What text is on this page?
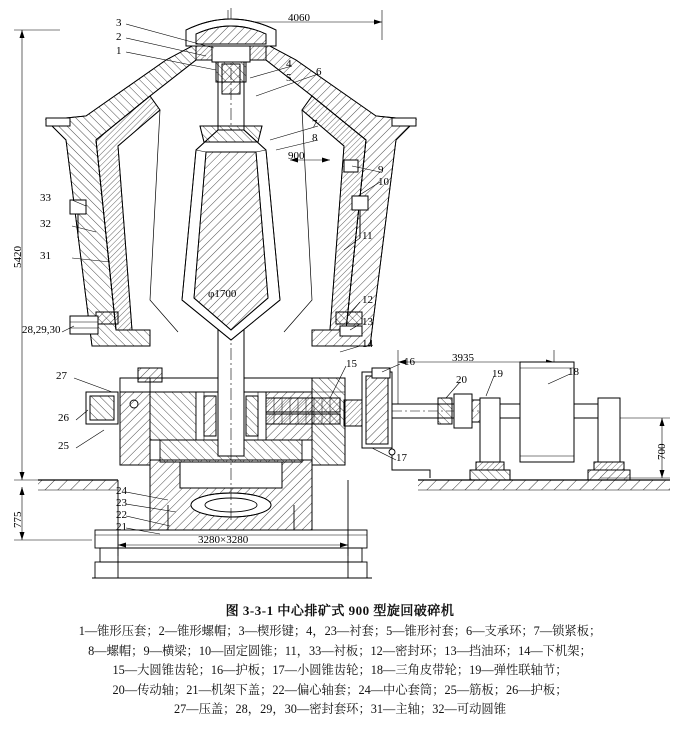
4060
900
5420
φ1700
3935
700
775
3280×3280
3
2
1
4
5 6
7
8
9
10
11
12
13
14
15	16
17
18
19
20
21
22
23
24
25
26
27
28,29,30
31
32
33
图 3-3-1 中心排矿式 900 型旋回破碎机
1—锥形压套；2—锥形螺帽；3—楔形键；4，23—衬套；5—锥形衬套；6—支承环；7—锁紧板；
8—螺帽；9—横梁；10—固定圆锥；11，33—衬板；12—密封环；13—挡油环；14—下机架；
15—大圆锥齿轮；16—护板；17—小圆锥齿轮；18—三角皮带轮；19—弹性联轴节；
20—传动轴；21—机架下盖；22—偏心轴套；24—中心套筒；25—筋板；26—护板；
27—压盖；28，29，30—密封套环；31—主轴；32—可动圆锥
